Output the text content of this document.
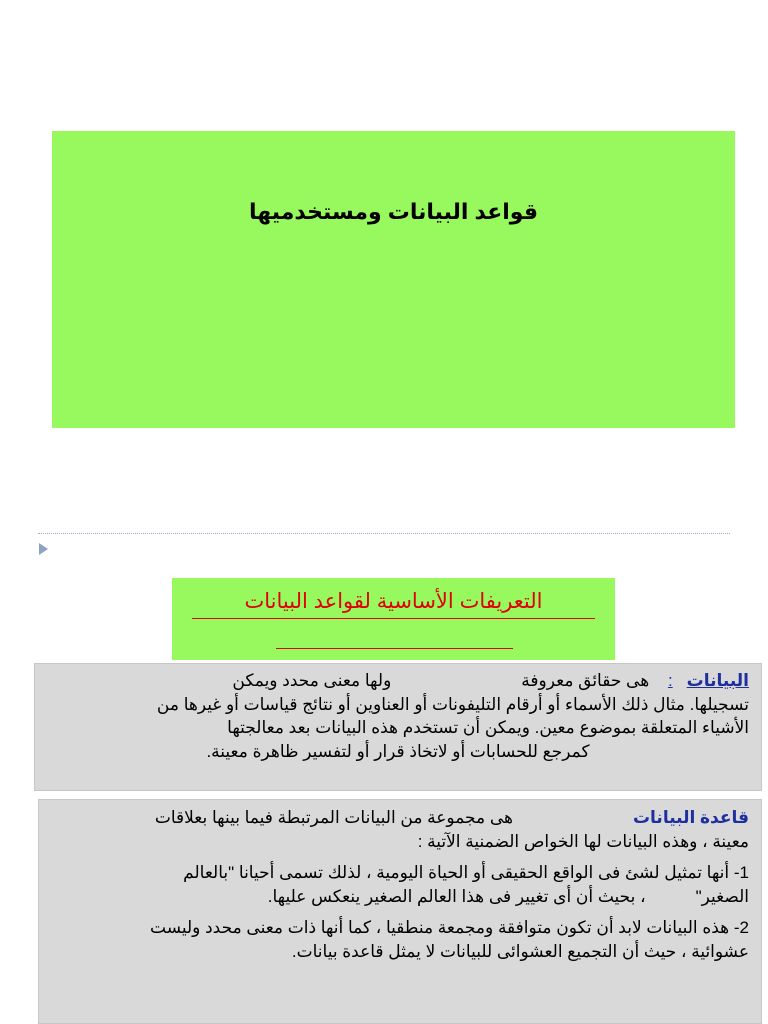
قواعد البيانات ومستخدميها
التعريفات الأساسية لقواعد البيانات
البيانات: هى حقائق معروفةولها معنى محدد ويمكن
تسجيلها. مثال ذلك الأسماء أو أرقام التليفونات أو العناوين أو نتائج قياسات أو غيرها من
الأشياء المتعلقة بموضوع معين. ويمكن أن تستخدم هذه البيانات بعد معالجتها
كمرجع للحسابات أو لاتخاذ قرار أو لتفسير ظاهرة معينة.

قاعدة البياناتهى مجموعة من البيانات المرتبطة فيما بينها بعلاقات

معينة ، وهذه البيانات لها الخواص الضمنية الآتية :

1- أنها تمثيل لشئ فى الواقع الحقيقى أو الحياة اليومية ، لذلك تسمى أحيانا "بالعالم
الصغير"، بحيث أن أى تغيير فى هذا العالم الصغير ينعكس عليها.

2- هذه البيانات لابد أن تكون متوافقة ومجمعة منطقيا ، كما أنها ذات معنى محدد وليست
عشوائية ، حيث أن التجميع العشوائى للبيانات لا يمثل قاعدة بيانات.
